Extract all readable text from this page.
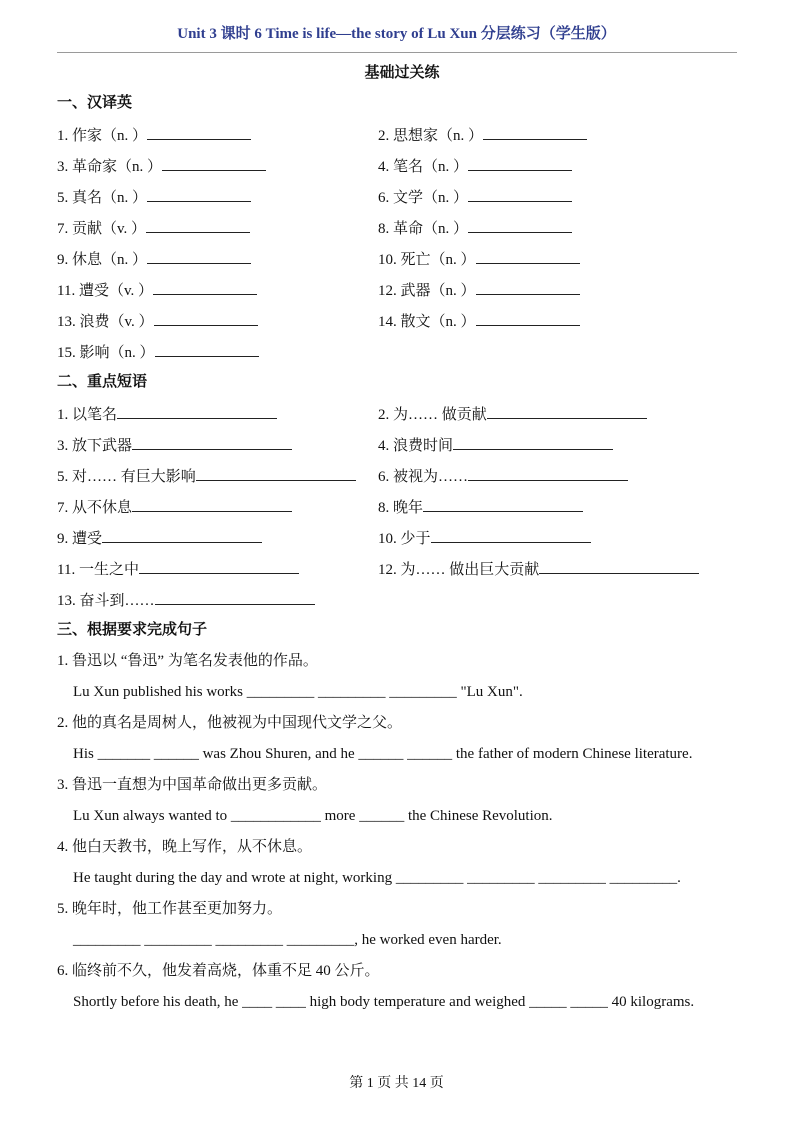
Unit 3 课时 6 Time is life—the story of Lu Xun 分层练习（学生版）
基础过关练
一、汉译英
1. 作家（n. ）	2. 思想家（n. ）
3. 革命家（n. ）	4. 笔名（n. ）
5. 真名（n. ）	6. 文学（n. ）
7. 贡献（v. ）	8. 革命（n. ）
9. 休息（n. ）	10. 死亡（n. ）
11. 遭受（v. ）	12. 武器（n. ）
13. 浪费（v. ）	14. 散文（n. ）
15. 影响（n. ）
二、重点短语
1. 以笔名	2. 为…… 做贡献
3. 放下武器	4. 浪费时间
5. 对…… 有巨大影响	6. 被视为……
7. 从不休息	8. 晚年
9. 遭受	10. 少于
11. 一生之中	12. 为…… 做出巨大贡献
13. 奋斗到……
三、根据要求完成句子
1. 鲁迅以 “鲁迅” 为笔名发表他的作品。
Lu Xun published his works _________ _________ _________ "Lu Xun".
2. 他的真名是周树人，他被视为中国现代文学之父。
His _______ ______ was Zhou Shuren, and he ______ ______ the father of modern Chinese literature.
3. 鲁迅一直想为中国革命做出更多贡献。
Lu Xun always wanted to ____________ more ______ the Chinese Revolution.
4. 他白天教书，晚上写作，从不休息。
He taught during the day and wrote at night, working _________ _________ _________ _________.
5. 晚年时，他工作甚至更加努力。
_________ _________ _________ _________, he worked even harder.
6. 临终前不久，他发着高烧，体重不足 40 公斤。
Shortly before his death, he ____ ____ high body temperature and weighed _____ _____ 40 kilograms.
第 1 页 共 14 页
